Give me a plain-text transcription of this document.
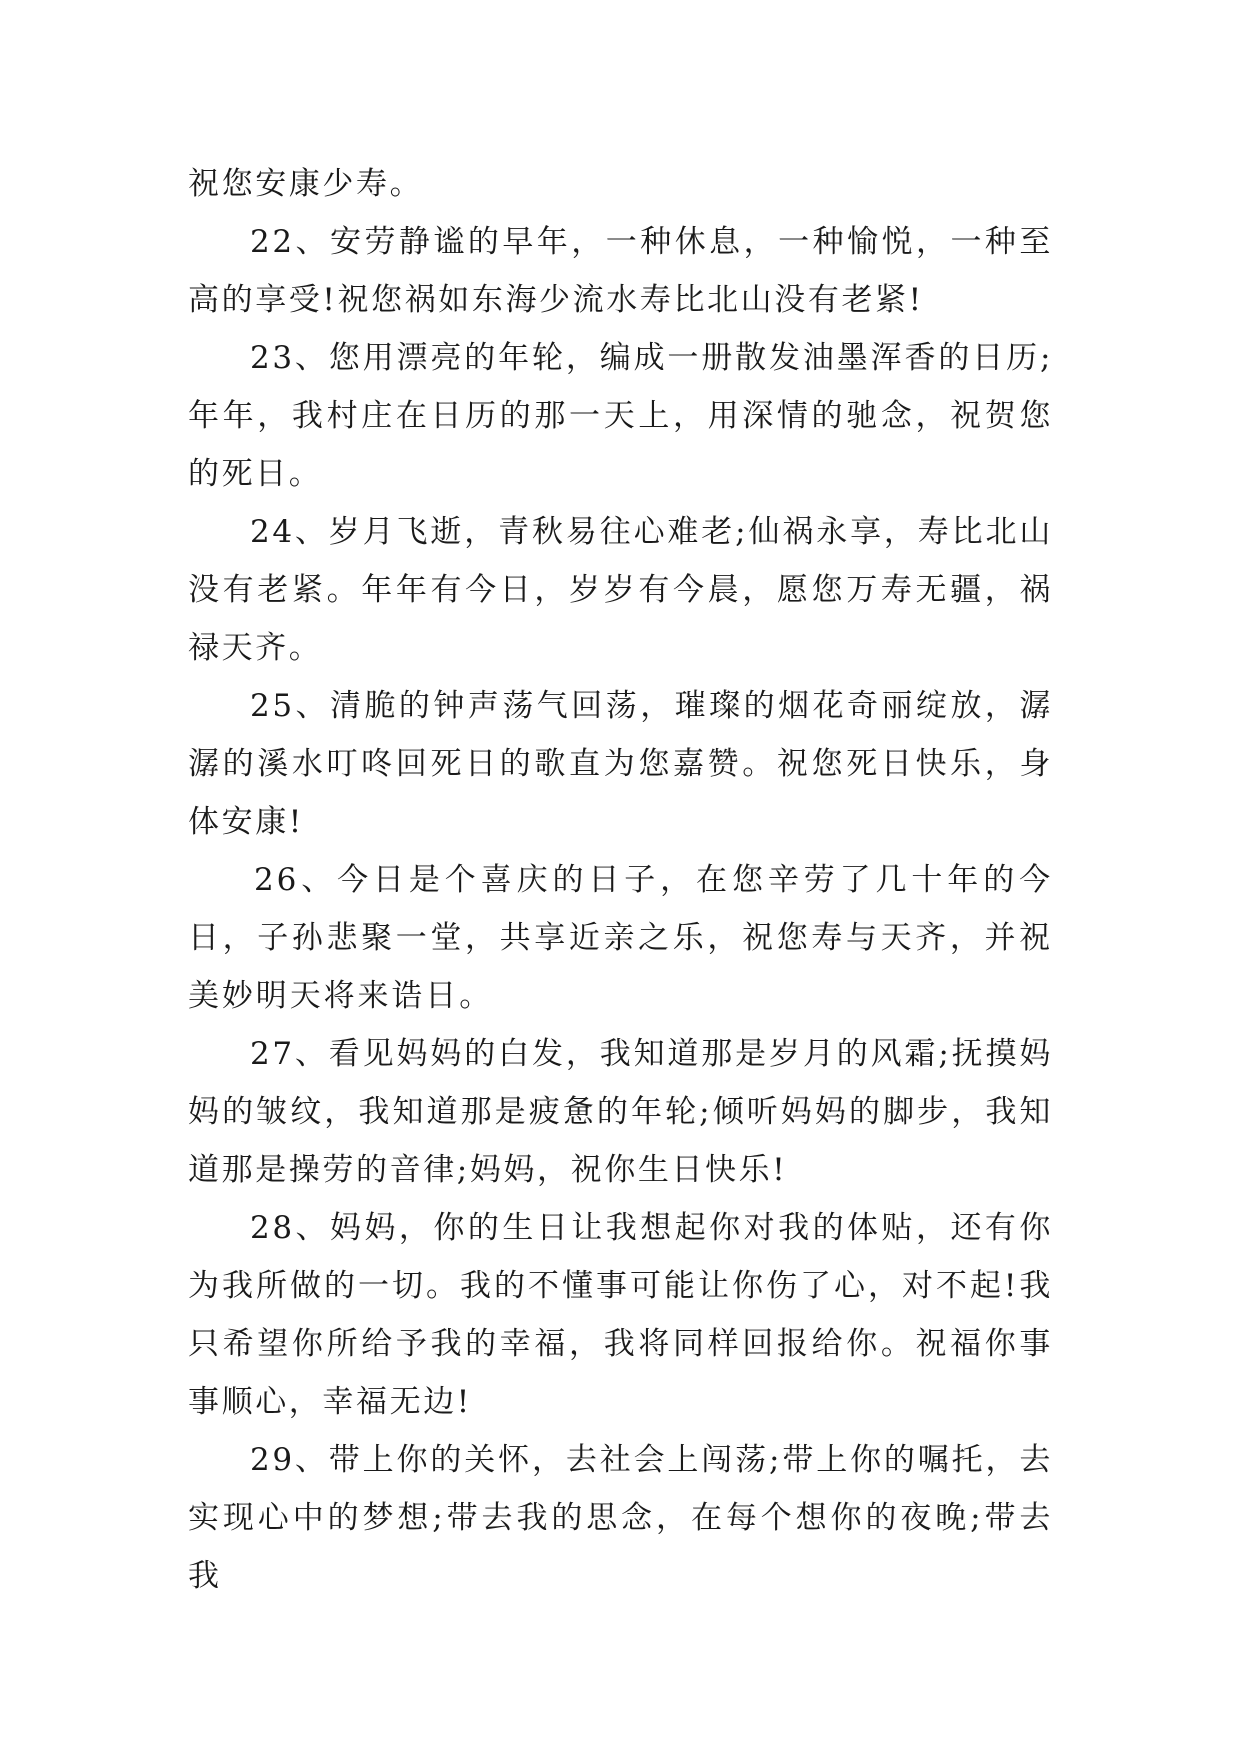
祝您安康少寿。

22、安劳静谧的早年，一种休息，一种愉悦，一种至高的享受!祝您祸如东海少流水寿比北山没有老紧!

23、您用漂亮的年轮，编成一册散发油墨浑香的日历;年年，我村庄在日历的那一天上，用深情的驰念，祝贺您的死日。

24、岁月飞逝，青秋易往心难老;仙祸永享，寿比北山没有老紧。年年有今日，岁岁有今晨，愿您万寿无疆，祸禄天齐。

25、清脆的钟声荡气回荡，璀璨的烟花奇丽绽放，潺潺的溪水叮咚回死日的歌直为您嘉赞。祝您死日快乐，身体安康!

26、今日是个喜庆的日子，在您辛劳了几十年的今日，子孙悲聚一堂，共享近亲之乐，祝您寿与天齐，并祝美妙明天将来诰日。

27、看见妈妈的白发，我知道那是岁月的风霜;抚摸妈妈的皱纹，我知道那是疲惫的年轮;倾听妈妈的脚步，我知道那是操劳的音律;妈妈，祝你生日快乐!

28、妈妈，你的生日让我想起你对我的体贴，还有你为我所做的一切。我的不懂事可能让你伤了心，对不起!我只希望你所给予我的幸福，我将同样回报给你。祝福你事事顺心，幸福无边!

29、带上你的关怀，去社会上闯荡;带上你的嘱托，去实现心中的梦想;带去我的思念，在每个想你的夜晚;带去我
